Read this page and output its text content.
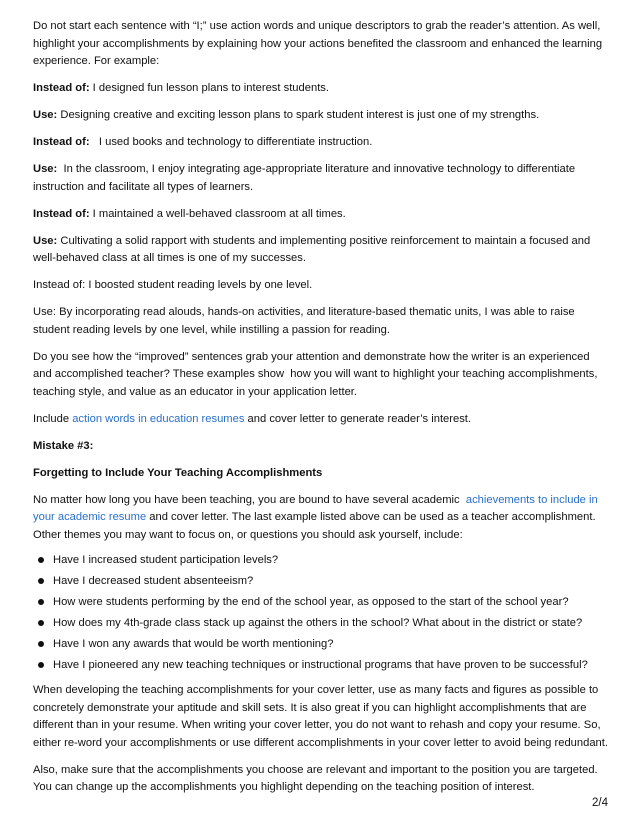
Do not start each sentence with “I;” use action words and unique descriptors to grab the reader’s attention. As well, highlight your accomplishments by explaining how your actions benefited the classroom and enhanced the learning experience. For example:

Instead of: I designed fun lesson plans to interest students.

Use: Designing creative and exciting lesson plans to spark student interest is just one of my strengths.

Instead of:   I used books and technology to differentiate instruction.

Use:  In the classroom, I enjoy integrating age-appropriate literature and innovative technology to differentiate instruction and facilitate all types of learners.

Instead of: I maintained a well-behaved classroom at all times.

Use: Cultivating a solid rapport with students and implementing positive reinforcement to maintain a focused and well-behaved class at all times is one of my successes.

Instead of: I boosted student reading levels by one level.

Use: By incorporating read alouds, hands-on activities, and literature-based thematic units, I was able to raise student reading levels by one level, while instilling a passion for reading.

Do you see how the “improved” sentences grab your attention and demonstrate how the writer is an experienced and accomplished teacher? These examples show  how you will want to highlight your teaching accomplishments, teaching style, and value as an educator in your application letter.

Include action words in education resumes and cover letter to generate reader’s interest.

Mistake #3:

Forgetting to Include Your Teaching Accomplishments

No matter how long you have been teaching, you are bound to have several academic  achievements to include in your academic resume and cover letter. The last example listed above can be used as a teacher accomplishment. Other themes you may want to focus on, or questions you should ask yourself, include:

Have I increased student participation levels?
Have I decreased student absenteeism?
How were students performing by the end of the school year, as opposed to the start of the school year?
How does my 4th-grade class stack up against the others in the school? What about in the district or state?
Have I won any awards that would be worth mentioning?
Have I pioneered any new teaching techniques or instructional programs that have proven to be successful?

When developing the teaching accomplishments for your cover letter, use as many facts and figures as possible to concretely demonstrate your aptitude and skill sets. It is also great if you can highlight accomplishments that are different than in your resume. When writing your cover letter, you do not want to rehash and copy your resume. So, either re-word your accomplishments or use different accomplishments in your cover letter to avoid being redundant.

Also, make sure that the accomplishments you choose are relevant and important to the position you are targeted. You can change up the accomplishments you highlight depending on the teaching position of interest.

2/4
